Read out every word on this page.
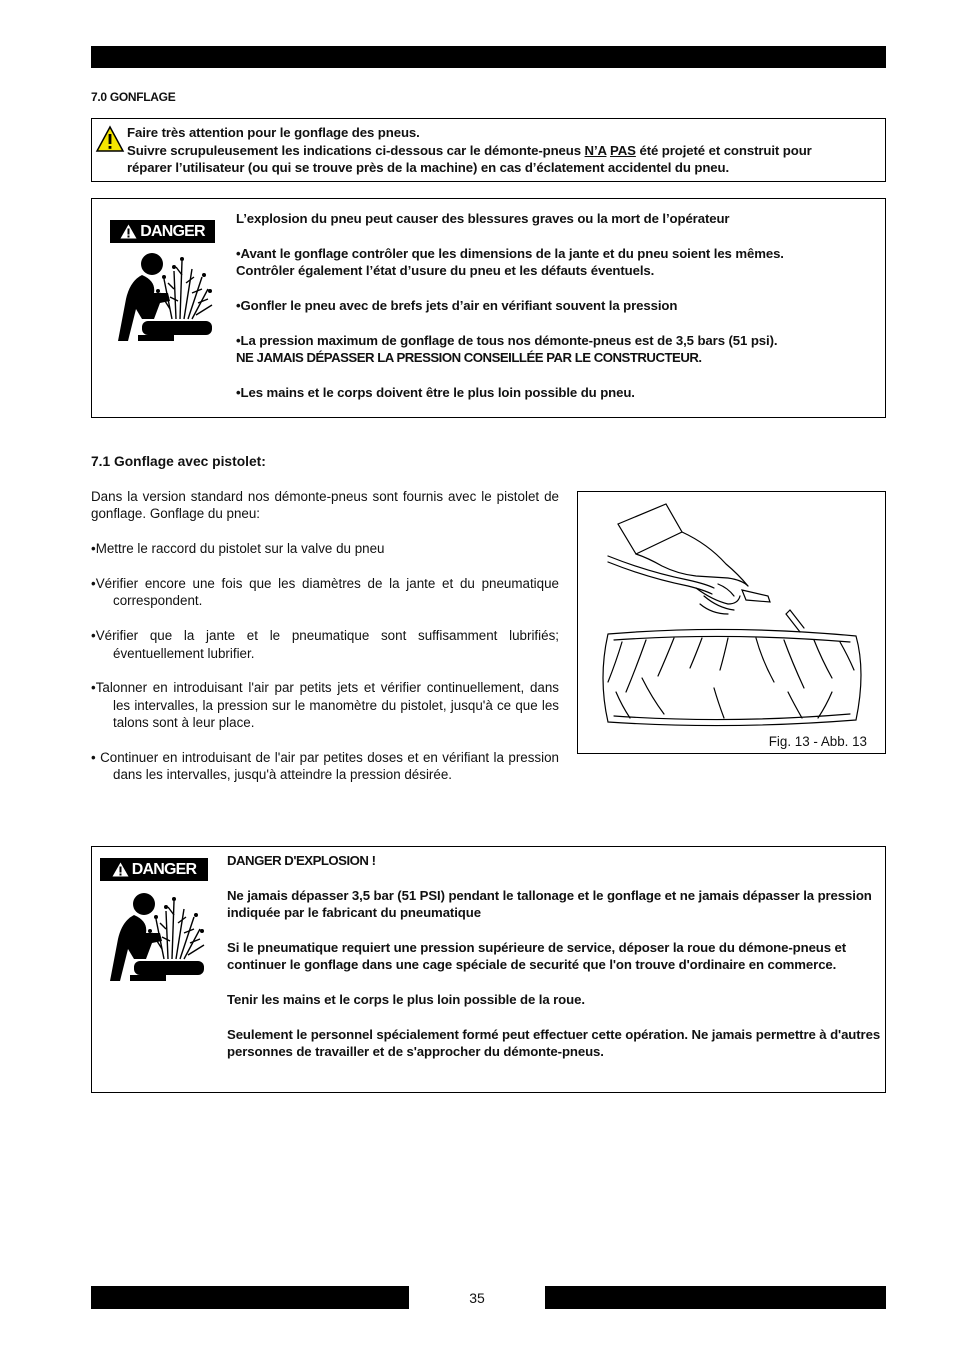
7.0 GONFLAGE
Faire très attention pour le gonflage des pneus.
Suivre scrupuleusement les indications ci-dessous car le démonte-pneus N’A PAS été projeté et construit pour
réparer l’utilisateur (ou qui se trouve près de la machine) en cas d’éclatement accidentel du pneu.
DANGER

L’explosion du pneu peut causer des blessures graves ou la mort de l’opérateur

•Avant le gonflage contrôler que les dimensions de la jante et du pneu soient les mêmes.
Contrôler également l’état d’usure du pneu et les défauts éventuels.

•Gonfler le pneu avec de brefs jets d’air en vérifiant souvent la pression

•La pression maximum de gonflage de tous nos démonte-pneus est de 3,5 bars (51 psi).
NE JAMAIS DÉPASSER LA PRESSION CONSEILLÉE PAR LE CONSTRUCTEUR.

•Les mains et le corps doivent être le plus loin possible du pneu.

7.1 Gonflage avec pistolet:

Dans la version standard nos démonte-pneus sont fournis avec le pistolet de gonflage. Gonflage du pneu:

•Mettre le raccord du pistolet sur la valve du pneu

•Vérifier encore une fois que les diamètres de la jante et du pneumatique correspondent.

•Vérifier que la jante et le pneumatique sont suffisamment lubrifiés; éventuellement lubrifier.

•Talonner en introduisant l'air par petits jets et vérifier continuellement, dans les intervalles, la pression sur le manomètre du pistolet, jusqu'à ce que les talons sont à leur place.

• Continuer en introduisant de l'air par petites doses et en vérifiant la pression dans les intervalles, jusqu'à atteindre la pression désirée.

Fig. 13 - Abb. 13
DANGER DANGER D'EXPLOSION !

Ne jamais dépasser 3,5 bar (51 PSI) pendant le tallonage et le gonflage et ne jamais dépasser la pression indiquée par le fabricant du pneumatique

Si le pneumatique requiert une pression supérieure de service, déposer la roue du démone-pneus et continuer le gonflage dans une cage spéciale de securité que l'on trouve d'ordinaire en commerce.

Tenir les mains et le corps le plus loin possible de la roue.

Seulement le personnel spécialement formé peut effectuer cette opération. Ne jamais permettre à d'autres personnes de travailler et de s'approcher du démonte-pneus.

35
